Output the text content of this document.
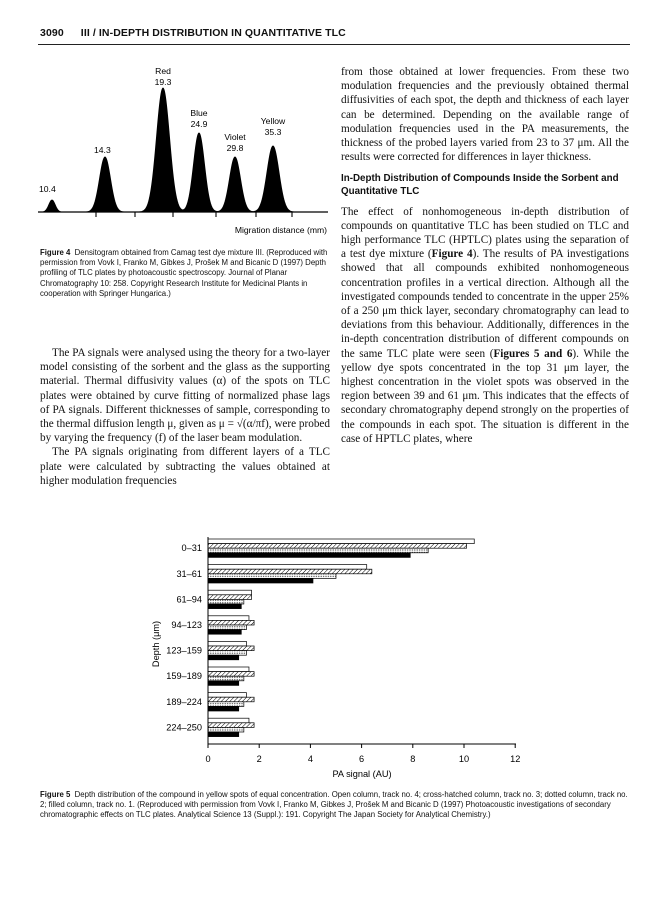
3090 III / IN-DEPTH DISTRIBUTION IN QUANTITATIVE TLC
10.4
14.3
Red
19.3
Blue
24.9
Violet
29.8
Yellow
35.3
Migration distance (mm)
Figure 4 Densitogram obtained from Camag test dye mixture III. (Reproduced with permission from Vovk I, Franko M, Gibkes J, Prošek M and Bicanic D (1997) Depth profiling of TLC plates by photoacoustic spectroscopy. Journal of Planar Chromatography 10: 258. Copyright Research Institute for Medicinal Plants in cooperation with Springer Hungarica.)

The PA signals were analysed using the theory for a two-layer model consisting of the sorbent and the glass as the supporting material. Thermal diffusivity values (α) of the spots on TLC plates were obtained by curve fitting of normalized phase lags of PA signals. Different thicknesses of sample, corresponding to the thermal diffusion length μ, given as μ = √(α/πf), were probed by varying the frequency (f) of the laser beam modulation.

The PA signals originating from different layers of a TLC plate were calculated by subtracting the values obtained at higher modulation frequencies

from those obtained at lower frequencies. From these two modulation frequencies and the previously obtained thermal diffusivities of each spot, the depth and thickness of each layer can be determined. Depending on the available range of modulation frequencies used in the PA measurements, the thickness of the probed layers varied from 23 to 37 μm. All the results were corrected for differences in layer thickness.

In-Depth Distribution of Compounds Inside the Sorbent and Quantitative TLC

The effect of nonhomogeneous in-depth distribution of compounds on quantitative TLC has been studied on TLC and high performance TLC (HPTLC) plates using the separation of a test dye mixture (Figure 4). The results of PA investigations showed that all compounds exhibited nonhomogeneous concentration profiles in a vertical direction. Although all the investigated compounds tended to concentrate in the upper 25% of a 250 μm thick layer, secondary chromatography can lead to deviations from this behaviour. Additionally, differences in the in-depth concentration distribution of different compounds on the same TLC plate were seen (Figures 5 and 6). While the yellow dye spots concentrated in the top 31 μm layer, the highest concentration in the violet spots was observed in the region between 39 and 61 μm. This indicates that the effects of secondary chromatography depend strongly on the properties of the compounds in each spot. The situation is different in the case of HPTLC plates, where

0–31
31–61
61–94
94–123
123–159
159–189
189–224
224–250
0	2	4	6	8	10	12
PA signal (AU)
Depth (μm)
Figure 5 Depth distribution of the compound in yellow spots of equal concentration. Open column, track no. 4; cross-hatched column, track no. 3; dotted column, track no. 2; filled column, track no. 1. (Reproduced with permission from Vovk I, Franko M, Gibkes J, Prošek M and Bicanic D (1997) Photoacoustic investigations of secondary chromatographic effects on TLC plates. Analytical Science 13 (Suppl.): 191. Copyright The Japan Society for Analytical Chemistry.)
